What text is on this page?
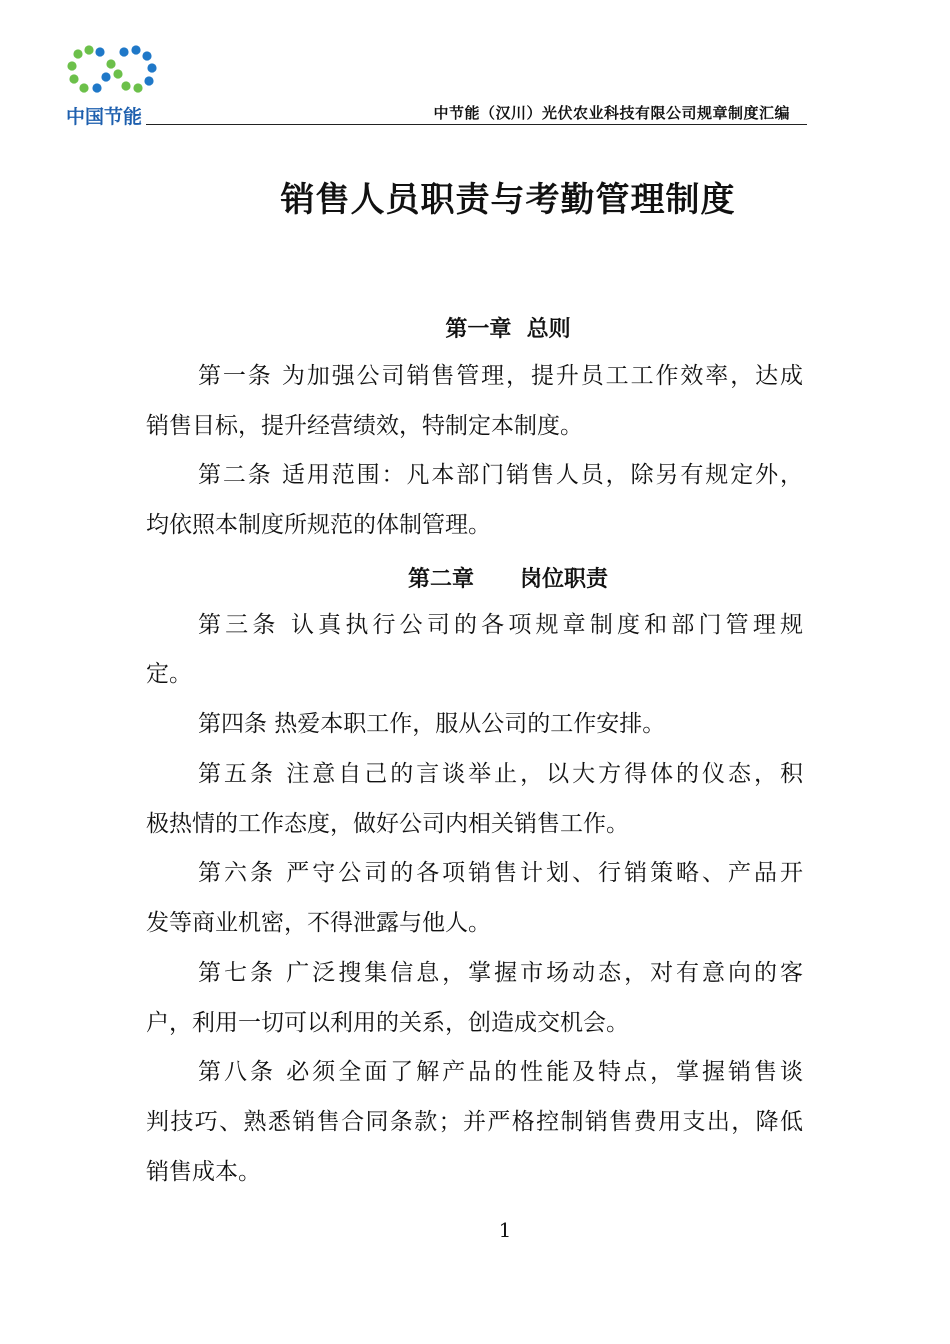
中国节能	中节能（汉川）光伏农业科技有限公司规章制度汇编
销售人员职责与考勤管理制度
第一章  总则
第一条 为加强公司销售管理，提升员工工作效率，达成
销售目标，提升经营绩效，特制定本制度。
第二条 适用范围：凡本部门销售人员，除另有规定外，
均依照本制度所规范的体制管理。
第二章      岗位职责
第三条 认真执行公司的各项规章制度和部门管理规
定。
第四条 热爱本职工作，服从公司的工作安排。
第五条 注意自己的言谈举止，以大方得体的仪态，积
极热情的工作态度，做好公司内相关销售工作。
第六条 严守公司的各项销售计划、行销策略、产品开
发等商业机密，不得泄露与他人。
第七条 广泛搜集信息，掌握市场动态，对有意向的客
户，利用一切可以利用的关系，创造成交机会。
第八条 必须全面了解产品的性能及特点，掌握销售谈
判技巧、熟悉销售合同条款；并严格控制销售费用支出，降低
销售成本。
1
